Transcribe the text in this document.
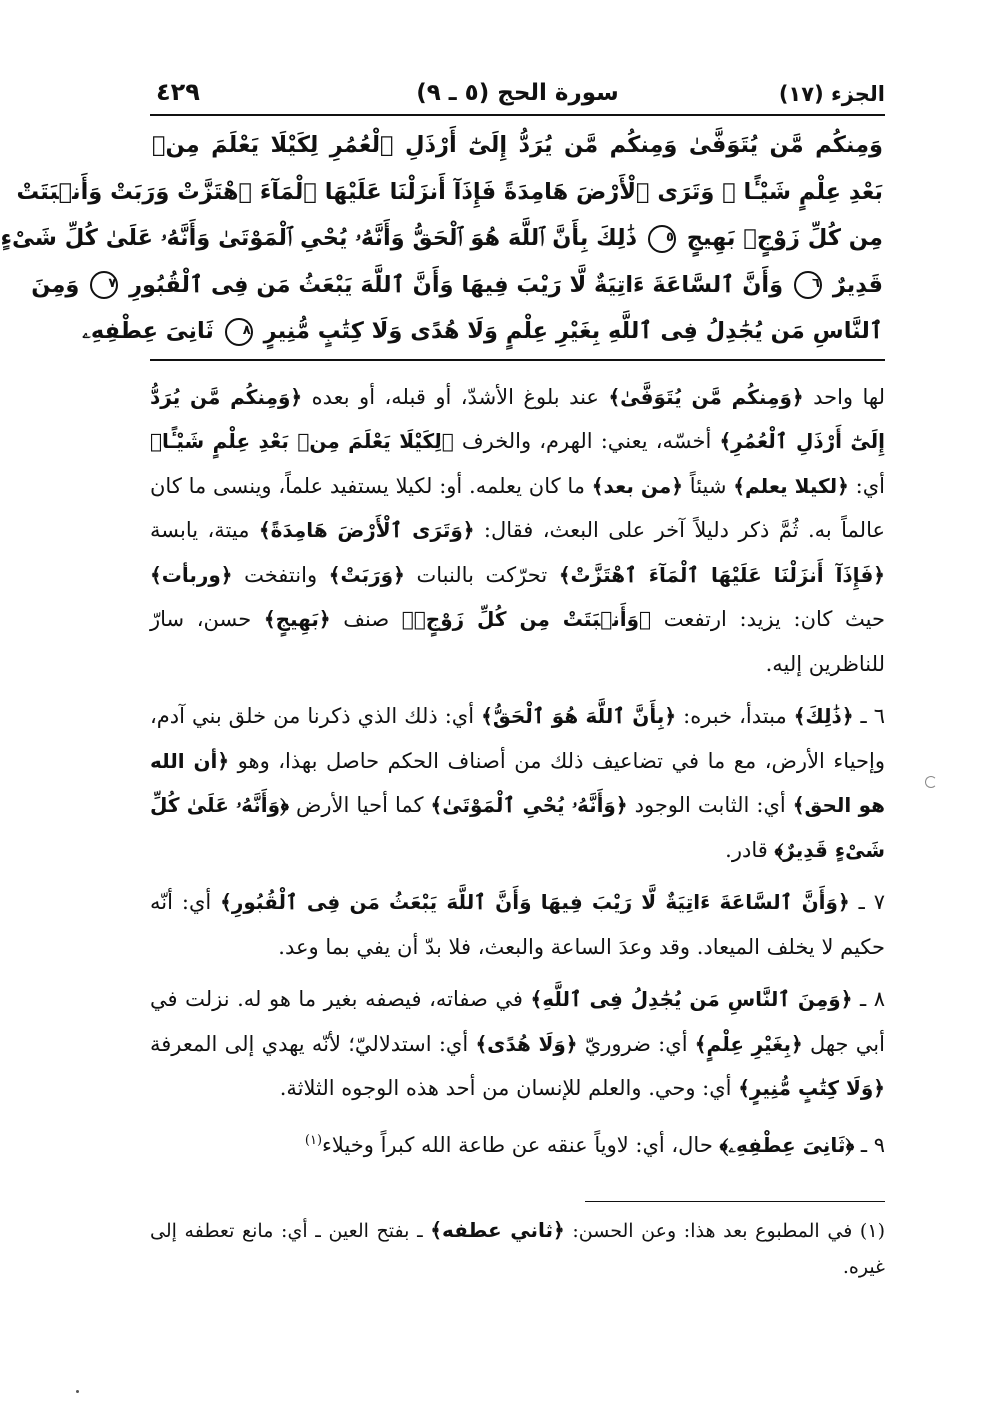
الجزء (١٧)
سورة الحج (٥ ـ ٩)
٤٢٩
وَمِنكُم مَّن يُتَوَفَّىٰ وَمِنكُم مَّن يُرَدُّ إِلَىٰٓ أَرْذَلِ ٱلْعُمُرِ لِكَيْلَا يَعْلَمَ مِنۢ
بَعْدِ عِلْمٍ شَيْـًٔا ۚ وَتَرَى ٱلْأَرْضَ هَامِدَةً فَإِذَآ أَنزَلْنَا عَلَيْهَا ٱلْمَآءَ ٱهْتَزَّتْ وَرَبَتْ وَأَنۢبَتَتْ
مِن كُلِّ زَوْجٍۭ بَهِيجٍ ٥ ذَٰلِكَ بِأَنَّ ٱللَّهَ هُوَ ٱلْحَقُّ وَأَنَّهُۥ يُحْىِ ٱلْمَوْتَىٰ وَأَنَّهُۥ عَلَىٰ كُلِّ شَىْءٍ
قَدِيرٌ ٦ وَأَنَّ ٱلسَّاعَةَ ءَاتِيَةٌ لَّا رَيْبَ فِيهَا وَأَنَّ ٱللَّهَ يَبْعَثُ مَن فِى ٱلْقُبُورِ ٧ وَمِنَ
ٱلنَّاسِ مَن يُجَٰدِلُ فِى ٱللَّهِ بِغَيْرِ عِلْمٍ وَلَا هُدًى وَلَا كِتَٰبٍ مُّنِيرٍ ٨ ثَانِىَ عِطْفِهِۦ

لها واحد ﴿وَمِنكُم مَّن يُتَوَفَّىٰ﴾ عند بلوغ الأشدّ، أو قبله، أو بعده ﴿وَمِنكُم مَّن يُرَدُّ إِلَىٰٓ أَرْذَلِ ٱلْعُمُرِ﴾ أخسّه، يعني: الهرم، والخرف ﴿لِكَيْلَا يَعْلَمَ مِنۢ بَعْدِ عِلْمٍ شَيْـًٔا﴾ أي: ﴿لكيلا يعلم﴾ شيئاً ﴿من بعد﴾ ما كان يعلمه. أو: لكيلا يستفيد علماً، وينسى ما كان عالماً به. ثُمَّ ذكر دليلاً آخر على البعث، فقال: ﴿وَتَرَى ٱلْأَرْضَ هَامِدَةً﴾ ميتة، يابسة ﴿فَإِذَآ أَنزَلْنَا عَلَيْهَا ٱلْمَآءَ ٱهْتَزَّتْ﴾ تحرّكت بالنبات ﴿وَرَبَتْ﴾ وانتفخت ﴿وربأت﴾ حيث كان: يزيد: ارتفعت ﴿وَأَنۢبَتَتْ مِن كُلِّ زَوْجٍۭ﴾ صنف ﴿بَهِيجٍ﴾ حسن، سارّ للناظرين إليه.

٦ ـ ﴿ذَٰلِكَ﴾ مبتدأ، خبره: ﴿بِأَنَّ ٱللَّهَ هُوَ ٱلْحَقُّ﴾ أي: ذلك الذي ذكرنا من خلق بني آدم، وإحياء الأرض، مع ما في تضاعيف ذلك من أصناف الحكم حاصل بهذا، وهو ﴿أن الله هو الحق﴾ أي: الثابت الوجود ﴿وَأَنَّهُۥ يُحْىِ ٱلْمَوْتَىٰ﴾ كما أحيا الأرض ﴿وَأَنَّهُۥ عَلَىٰ كُلِّ شَىْءٍ قَدِيرٌ﴾ قادر.

٧ ـ ﴿وَأَنَّ ٱلسَّاعَةَ ءَاتِيَةٌ لَّا رَيْبَ فِيهَا وَأَنَّ ٱللَّهَ يَبْعَثُ مَن فِى ٱلْقُبُورِ﴾ أي: أنّه حكيم لا يخلف الميعاد. وقد وعدَ الساعة والبعث، فلا بدّ أن يفي بما وعد.

٨ ـ ﴿وَمِنَ ٱلنَّاسِ مَن يُجَٰدِلُ فِى ٱللَّهِ﴾ في صفاته، فيصفه بغير ما هو له. نزلت في أبي جهل ﴿بِغَيْرِ عِلْمٍ﴾ أي: ضروريّ ﴿وَلَا هُدًى﴾ أي: استدلاليّ؛ لأنّه يهدي إلى المعرفة ﴿وَلَا كِتَٰبٍ مُّنِيرٍ﴾ أي: وحي. والعلم للإنسان من أحد هذه الوجوه الثلاثة.

٩ ـ ﴿ثَانِىَ عِطْفِهِۦ﴾ حال، أي: لاوياً عنقه عن طاعة الله كبراً وخيلاء$^{(١)}$

(١) في المطبوع بعد هذا: وعن الحسن: ﴿ثاني عطفه﴾ ـ بفتح العين ـ أي: مانع تعطفه إلى غيره.
